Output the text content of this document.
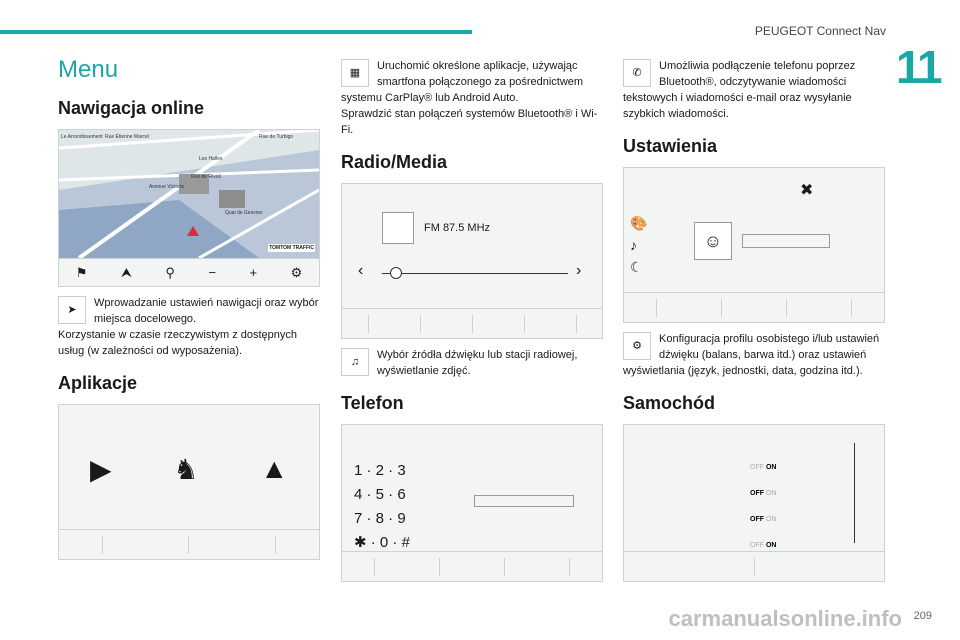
PEUGEOT Connect Nav
11
carmanualsonline.info 209
Menu
Nawigacja online
Le Arrondissement Rue Étienne Marcel	Rue de Turbigo
Les Halles
Avenue Victoria
Rue de Rivoli
Quai de Gesvres
TOMTOM TRAFFIC
⚑	⮝	⚲	−	+	⚙
➤
Wprowadzanie ustawień nawigacji oraz wybór miejsca docelowego.
Korzystanie w czasie rzeczywistym z dostępnych usług (w zależności od wyposażenia).
Aplikacje
▶ ♞ ▲
▦
Uruchomić określone aplikacje, używając smartfona połączonego za pośrednictwem systemu CarPlay® lub Android Auto.
Sprawdzić stan połączeń systemów Bluetooth® i Wi-Fi.
Radio/Media
FM 87.5 MHz
‹	›
♫
Wybór źródła dźwięku lub stacji radiowej, wyświetlanie zdjęć.
Telefon
1 · 2 · 3
4 · 5 · 6
7 · 8 · 9
✱ · 0 · #
✆
Umożliwia podłączenie telefonu poprzez Bluetooth®, odczytywanie wiadomości tekstowych i wiadomości e-mail oraz wysyłanie szybkich wiadomości.
Ustawienia
✖
🎨
♪
☾
☺
⚙
Konfiguracja profilu osobistego i/lub ustawień dźwięku (balans, barwa itd.) oraz ustawień wyświetlania (język, jednostki, data, godzina itd.).
Samochód
OFF ON
OFF ON
OFF ON
OFF ON
